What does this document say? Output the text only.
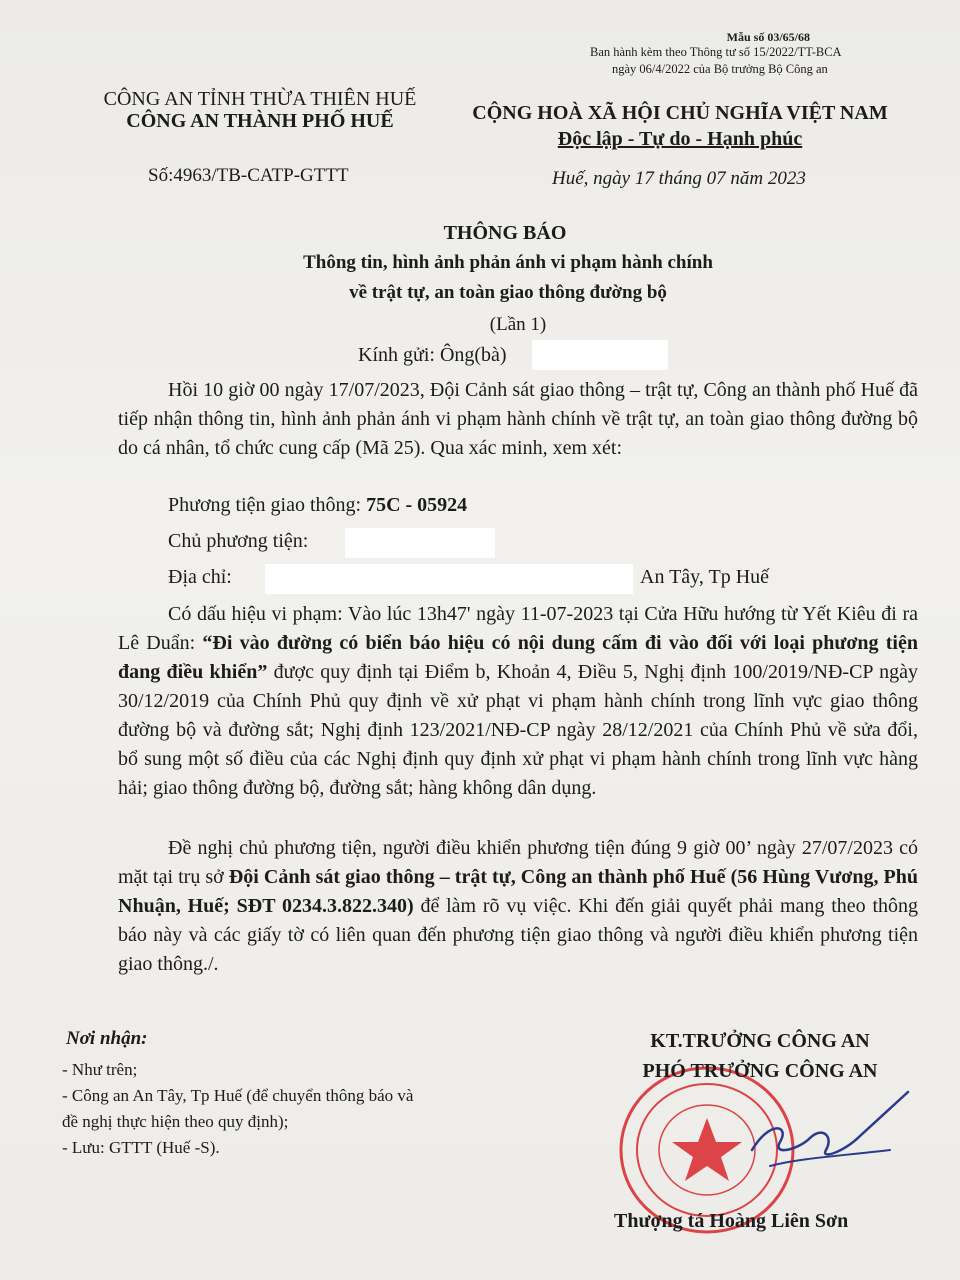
Mẫu số 03/65/68
Ban hành kèm theo Thông tư số 15/2022/TT-BCA
ngày 06/4/2022 của Bộ trưởng Bộ Công an
CÔNG AN TỈNH THỪA THIÊN HUẾ
CÔNG AN THÀNH PHỐ HUẾ	CỘNG HOÀ XÃ HỘI CHỦ NGHĨA VIỆT NAM
Độc lập - Tự do - Hạnh phúc
Số:4963/TB-CATP-GTTT	Huế, ngày 17 tháng 07 năm 2023
THÔNG BÁO
Thông tin, hình ảnh phản ánh vi phạm hành chính
về trật tự, an toàn giao thông đường bộ
(Lần 1)
Kính gửi: Ông(bà)
Hồi 10 giờ 00 ngày 17/07/2023, Đội Cảnh sát giao thông – trật tự, Công an thành phố Huế đã tiếp nhận thông tin, hình ảnh phản ánh vi phạm hành chính về trật tự, an toàn giao thông đường bộ do cá nhân, tổ chức cung cấp (Mã 25). Qua xác minh, xem xét:
Phương tiện giao thông: 75C - 05924
Chủ phương tiện:
Địa chỉ:	An Tây, Tp Huế
Có dấu hiệu vi phạm: Vào lúc 13h47' ngày 11-07-2023 tại Cửa Hữu hướng từ Yết Kiêu đi ra Lê Duẩn: “Đi vào đường có biển báo hiệu có nội dung cấm đi vào đối với loại phương tiện đang điều khiển” được quy định tại Điểm b, Khoản 4, Điều 5, Nghị định 100/2019/NĐ-CP ngày 30/12/2019 của Chính Phủ quy định về xử phạt vi phạm hành chính trong lĩnh vực giao thông đường bộ và đường sắt; Nghị định 123/2021/NĐ-CP ngày 28/12/2021 của Chính Phủ về sửa đổi, bổ sung một số điều của các Nghị định quy định xử phạt vi phạm hành chính trong lĩnh vực hàng hải; giao thông đường bộ, đường sắt; hàng không dân dụng.
Đề nghị chủ phương tiện, người điều khiển phương tiện đúng 9 giờ 00’ ngày 27/07/2023 có mặt tại trụ sở Đội Cảnh sát giao thông – trật tự, Công an thành phố Huế (56 Hùng Vương, Phú Nhuận, Huế; SĐT 0234.3.822.340) để làm rõ vụ việc. Khi đến giải quyết phải mang theo thông báo này và các giấy tờ có liên quan đến phương tiện giao thông và người điều khiển phương tiện giao thông./.
Nơi nhận:
- Như trên;
- Công an An Tây, Tp Huế (để chuyển thông báo và
đề nghị thực hiện theo quy định);
- Lưu: GTTT (Huế -S).
KT.TRƯỞNG CÔNG AN
PHÓ TRƯỞNG CÔNG AN
Thượng tá Hoàng Liên Sơn
